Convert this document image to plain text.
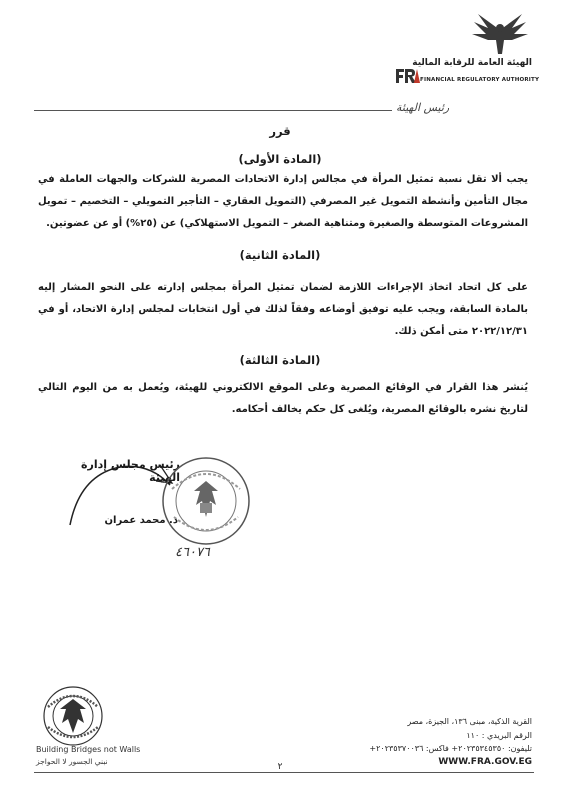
الهيئة العامة للرقابة المالية
FINANCIAL REGULATORY AUTHORITY
رئيس الهيئة
قرر
(المادة الأولى)
يجب ألا تقل نسبة تمثيل المرأة في مجالس إدارة الاتحادات المصرية للشركات والجهات العاملة في مجال التأمين وأنشطة التمويل غير المصرفي (التمويل العقاري – التأجير التمويلي – التخصيم – تمويل المشروعات المتوسطة والصغيرة ومتناهية الصغر – التمويل الاستهلاكي) عن (٢٥%) أو عن عضوتين.
(المادة الثانية)
على كل اتحاد اتخاذ الإجراءات اللازمة لضمان تمثيل المرأة بمجلس إدارته على النحو المشار إليه بالمادة السابقة، ويجب عليه توفيق أوضاعه وفقاً لذلك في أول انتخابات لمجلس إدارة الاتحاد، أو في ٢٠٢٢/١٢/٣١ متى أمكن ذلك.
(المادة الثالثة)
يُنشر هذا القرار في الوقائع المصرية وعلى الموقع الالكتروني للهيئة، ويُعمل به من اليوم التالي لتاريخ نشره بالوقائع المصرية، ويُلغى كل حكم يخالف أحكامه.
رئيس مجلس إدارة الهيئة
د. محمد عمران
٤٦٠٧٦
Building Bridges not Walls
نبني الجسور لا الحواجز
القرية الذكية، مبنى ١٣٦، الجيزة، مصر
الرقم البريدي : ١١٠
تليفون: ٢٠٢٣٥٣٤٥٣٥٠+ فاكس: ٢٠٢٣٥٣٧٠٠٣٦+
WWW.FRA.GOV.EG
٢
